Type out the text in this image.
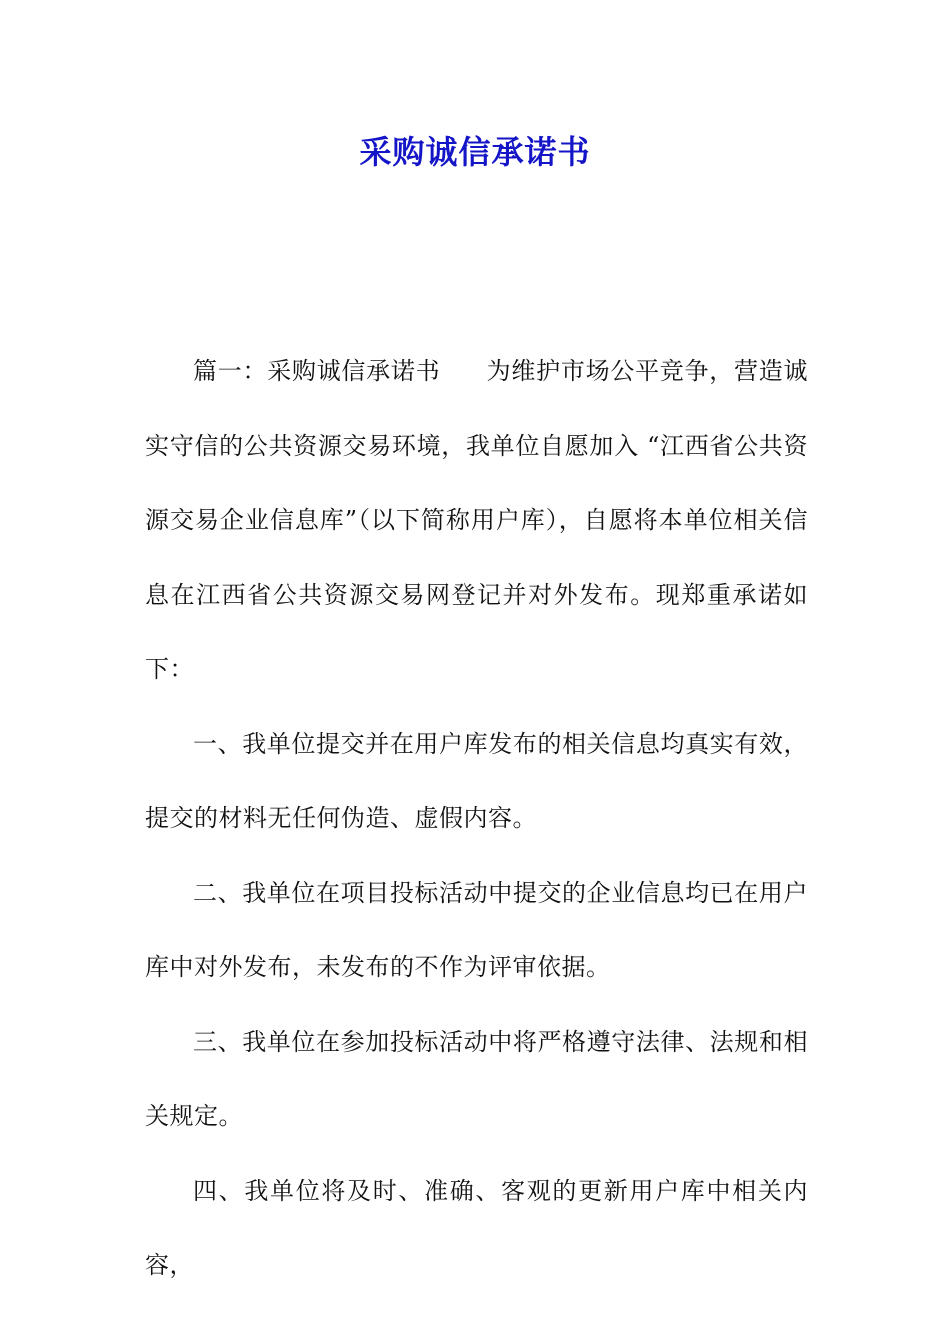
采购诚信承诺书

篇一：采购诚信承诺书 为维护市场公平竞争，营造诚实守信的公共资源交易环境，我单位自愿加入 “江西省公共资源交易企业信息库”（以下简称用户库），自愿将本单位相关信息在江西省公共资源交易网登记并对外发布。现郑重承诺如下：

一、我单位提交并在用户库发布的相关信息均真实有效，提交的材料无任何伪造、虚假内容。

二、我单位在项目投标活动中提交的企业信息均已在用户库中对外发布，未发布的不作为评审依据。

三、我单位在参加投标活动中将严格遵守法律、法规和相关规定。

四、我单位将及时、准确、客观的更新用户库中相关内容，
